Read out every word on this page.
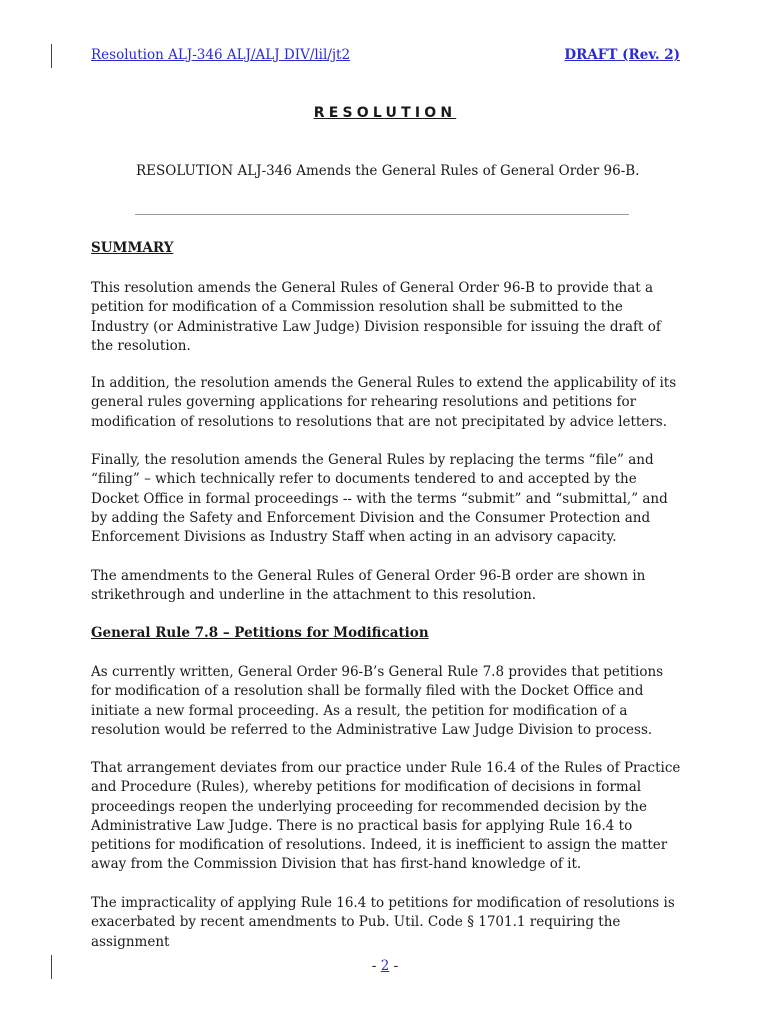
Resolution ALJ-346 ALJ/ALJ DIV/lil/jt2	DRAFT (Rev. 2)
RESOLUTION
RESOLUTION ALJ-346 Amends the General Rules of General Order 96-B.

SUMMARY

This resolution amends the General Rules of General Order 96-B to provide that a petition for modification of a Commission resolution shall be submitted to the Industry (or Administrative Law Judge) Division responsible for issuing the draft of the resolution.

In addition, the resolution amends the General Rules to extend the applicability of its general rules governing applications for rehearing resolutions and petitions for modification of resolutions to resolutions that are not precipitated by advice letters.

Finally, the resolution amends the General Rules by replacing the terms “file” and “filing” – which technically refer to documents tendered to and accepted by the Docket Office in formal proceedings -- with the terms “submit” and “submittal,” and by adding the Safety and Enforcement Division and the Consumer Protection and Enforcement Divisions as Industry Staff when acting in an advisory capacity.

The amendments to the General Rules of General Order 96-B order are shown in strikethrough and underline in the attachment to this resolution.

General Rule 7.8 – Petitions for Modification

As currently written, General Order 96-B’s General Rule 7.8 provides that petitions for modification of a resolution shall be formally filed with the Docket Office and initiate a new formal proceeding. As a result, the petition for modification of a resolution would be referred to the Administrative Law Judge Division to process.

That arrangement deviates from our practice under Rule 16.4 of the Rules of Practice and Procedure (Rules), whereby petitions for modification of decisions in formal proceedings reopen the underlying proceeding for recommended decision by the Administrative Law Judge. There is no practical basis for applying Rule 16.4 to petitions for modification of resolutions. Indeed, it is inefficient to assign the matter away from the Commission Division that has first-hand knowledge of it.

The impracticality of applying Rule 16.4 to petitions for modification of resolutions is exacerbated by recent amendments to Pub. Util. Code § 1701.1 requiring the assignment

- 2 -
